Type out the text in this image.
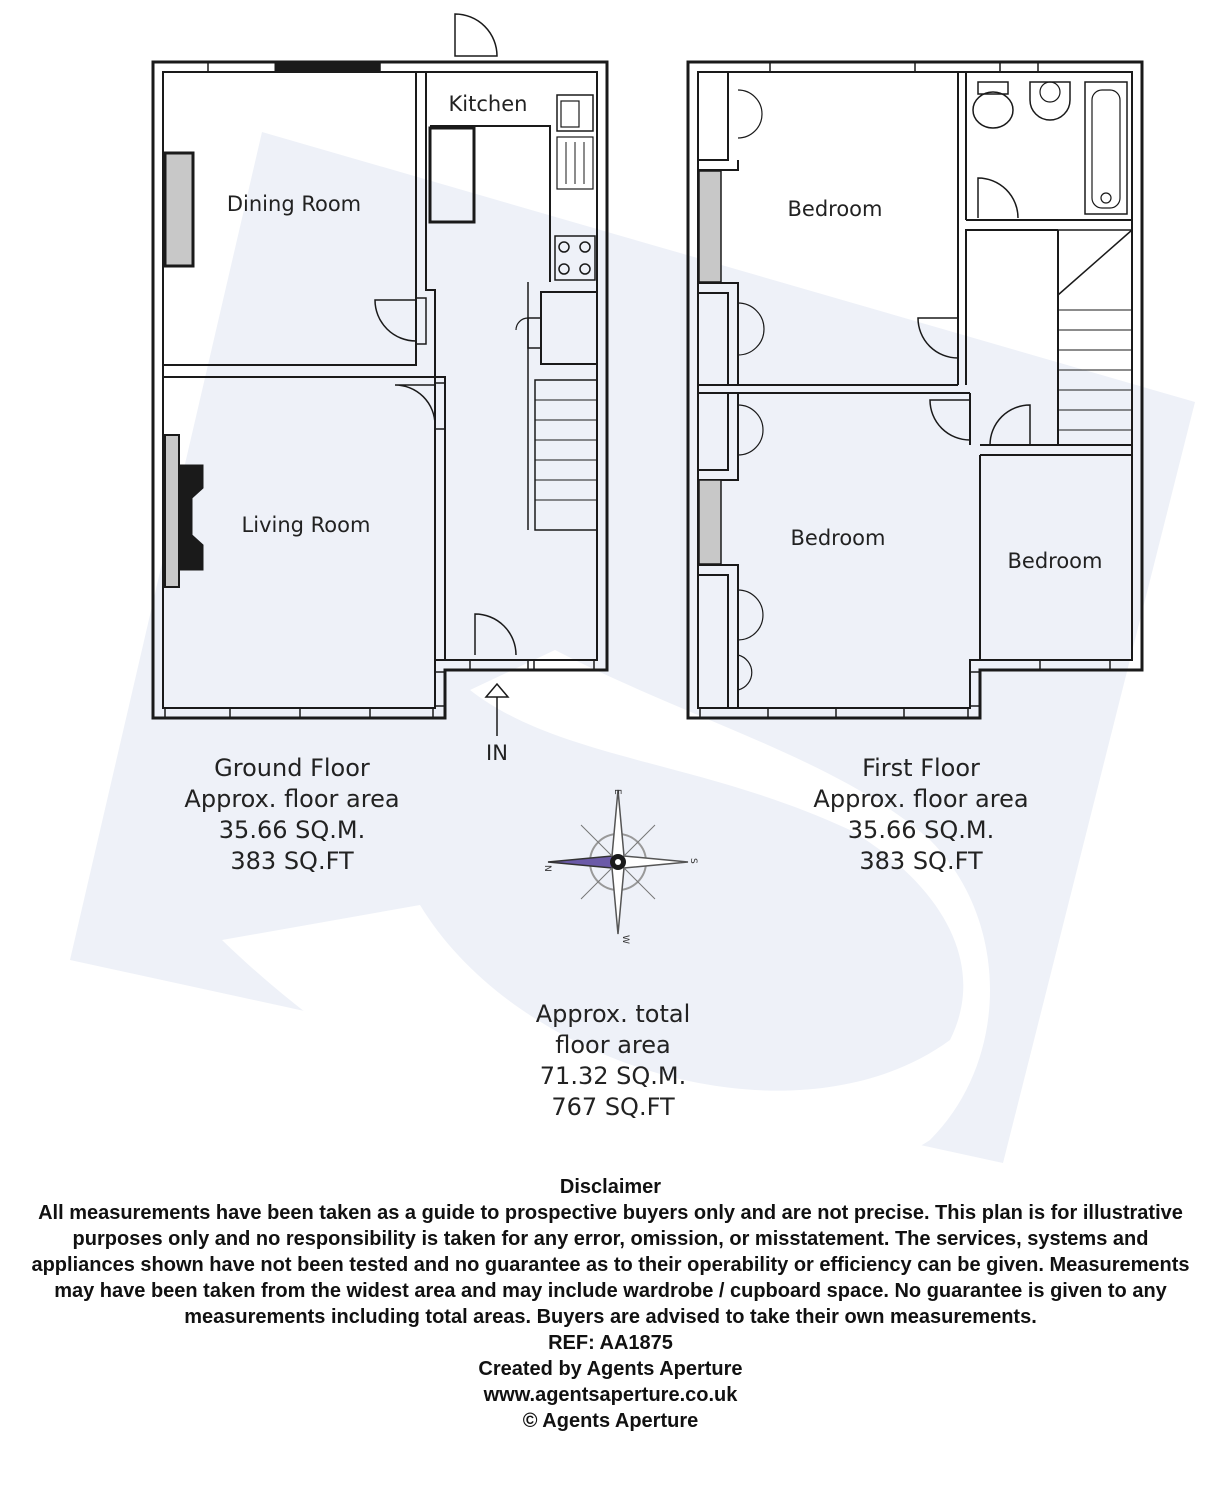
E
S
W
N
Kitchen
Dining Room
Living Room
IN
Bedroom
Bedroom
Bedroom
Ground Floor
Approx. floor area
35.66 SQ.M.
383 SQ.FT
First Floor
Approx. floor area
35.66 SQ.M.
383 SQ.FT
Approx. total
floor area
71.32 SQ.M.
767 SQ.FT
Disclaimer
All measurements have been taken as a guide to prospective buyers only and are not precise. This plan is for illustrative purposes only and no responsibility is taken for any error, omission, or misstatement. The services, systems and appliances shown have not been tested and no guarantee as to their operability or efficiency can be given. Measurements may have been taken from the widest area and may include wardrobe / cupboard space. No guarantee is given to any measurements including total areas. Buyers are advised to take their own measurements.
REF: AA1875
Created by Agents Aperture
www.agentsaperture.co.uk
© Agents Aperture
